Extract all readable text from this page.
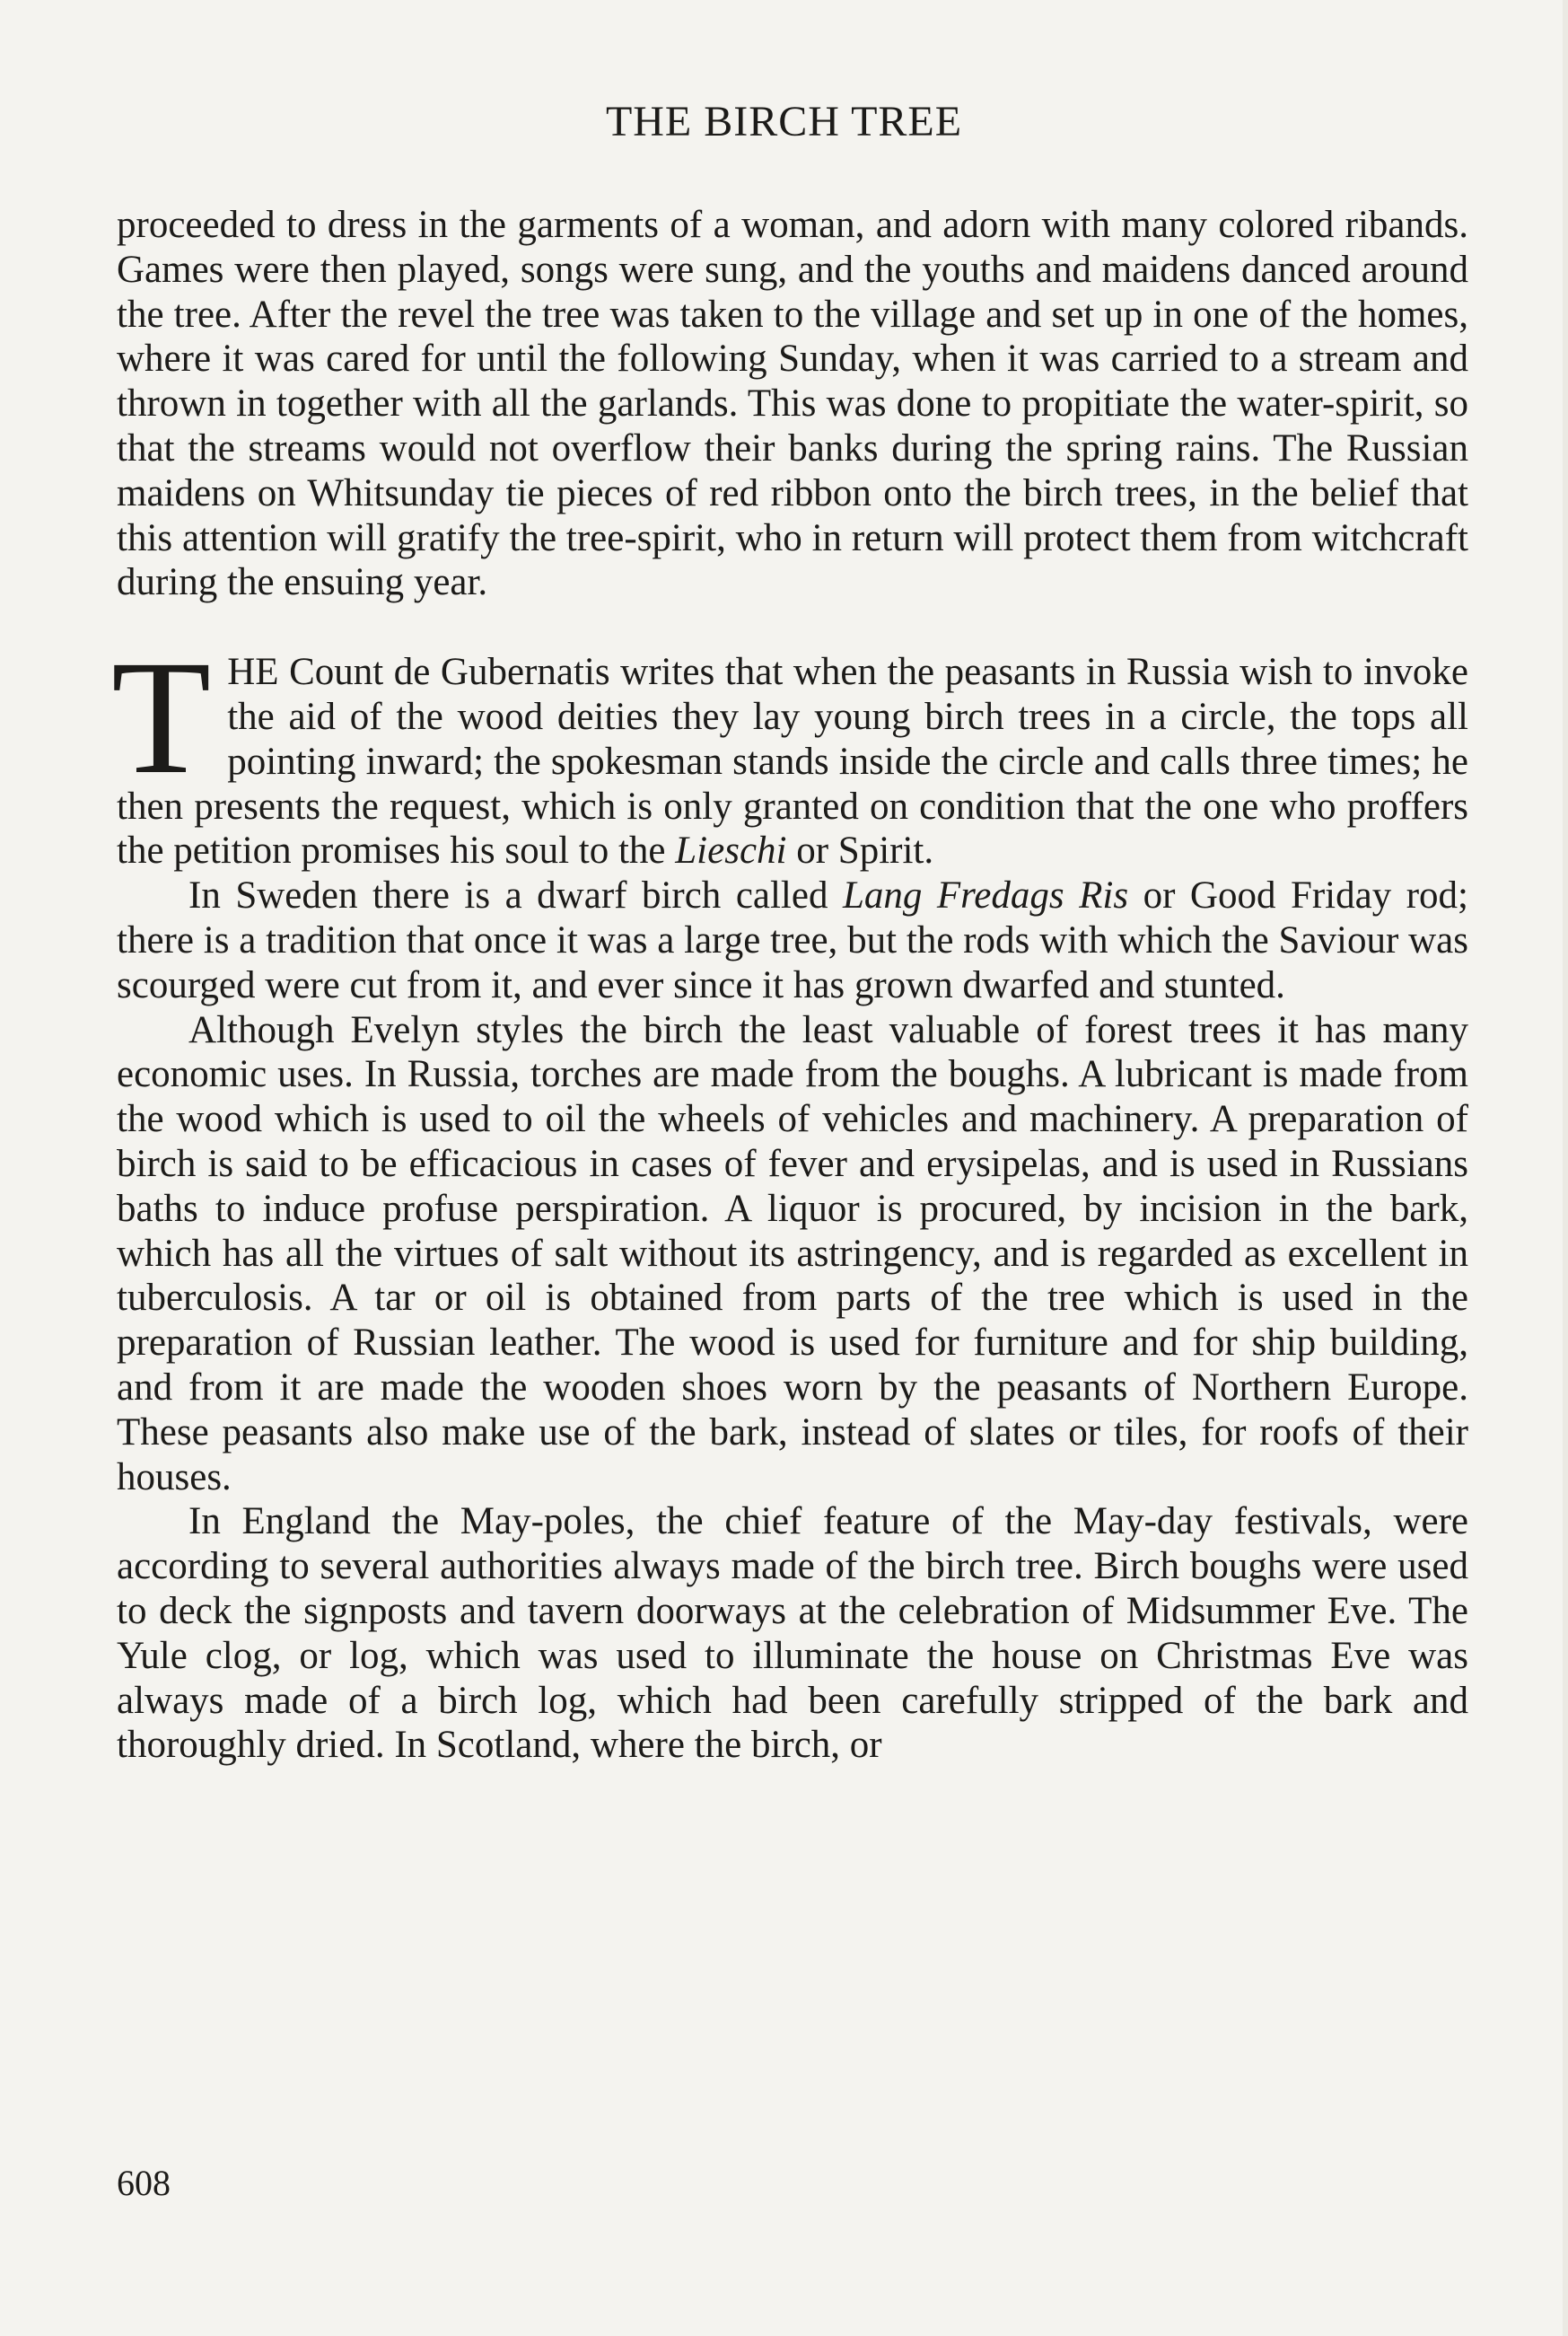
THE BIRCH TREE

proceeded to dress in the garments of a woman, and adorn with many colored ribands. Games were then played, songs were sung, and the youths and maidens danced around the tree. After the revel the tree was taken to the village and set up in one of the homes, where it was cared for until the following Sunday, when it was carried to a stream and thrown in together with all the garlands. This was done to propitiate the water-spirit, so that the streams would not overflow their banks during the spring rains. The Russian maidens on Whitsunday tie pieces of red ribbon onto the birch trees, in the belief that this attention will gratify the tree-spirit, who in return will protect them from witchcraft during the ensuing year.

THE Count de Gubernatis writes that when the peasants in Russia wish to invoke the aid of the wood deities they lay young birch trees in a circle, the tops all pointing inward; the spokesman stands inside the circle and calls three times; he then presents the request, which is only granted on condition that the one who proffers the petition promises his soul to the Lieschi or Spirit.

In Sweden there is a dwarf birch called Lang Fredags Ris or Good Friday rod; there is a tradition that once it was a large tree, but the rods with which the Saviour was scourged were cut from it, and ever since it has grown dwarfed and stunted.

Although Evelyn styles the birch the least valuable of forest trees it has many economic uses. In Russia, torches are made from the boughs. A lubricant is made from the wood which is used to oil the wheels of vehicles and machinery. A preparation of birch is said to be efficacious in cases of fever and erysipelas, and is used in Russians baths to induce profuse perspiration. A liquor is procured, by incision in the bark, which has all the virtues of salt without its astringency, and is regarded as excellent in tuberculosis. A tar or oil is obtained from parts of the tree which is used in the preparation of Russian leather. The wood is used for furniture and for ship building, and from it are made the wooden shoes worn by the peasants of Northern Europe. These peasants also make use of the bark, instead of slates or tiles, for roofs of their houses.

In England the May-poles, the chief feature of the May-day festivals, were according to several authorities always made of the birch tree. Birch boughs were used to deck the signposts and tavern doorways at the celebration of Midsummer Eve. The Yule clog, or log, which was used to illuminate the house on Christmas Eve was always made of a birch log, which had been carefully stripped of the bark and thoroughly dried. In Scotland, where the birch, or

608
